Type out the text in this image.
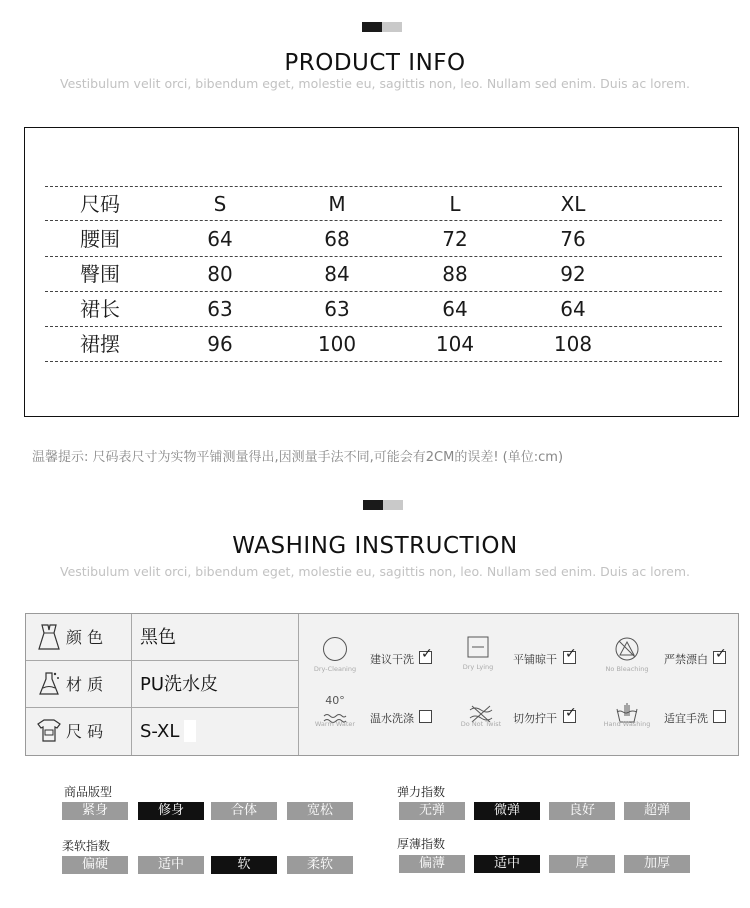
PRODUCT INFO
Vestibulum velit orci, bibendum eget, molestie eu, sagittis non, leo. Nullam sed enim. Duis ac lorem.
尺码	S	M	L	XL
腰围	64	68	72	76
臀围	80	84	88	92
裙长	63	63	64	64
裙摆	96	100	104	108
温馨提示: 尺码表尺寸为实物平铺测量得出,因测量手法不同,可能会有2CM的误差! (单位:cm)
WASHING INSTRUCTION
Vestibulum velit orci, bibendum eget, molestie eu, sagittis non, leo. Nullam sed enim. Duis ac lorem.
颜 色 黑色
材 质 PU洗水皮
尺 码 S-XL
Dry-Cleaning
建议干洗 ✓
Dry Lying
平铺晾干 ✓
No Bleaching
严禁漂白 ✓
40°
Warm Water	温水洗涤	Do Not Twist	切勿拧干 ✓
Hand Washing 适宜手洗
商品版型
紧身	修身	合体	宽松
弹力指数
无弹	微弹	良好	超弹
柔软指数
偏硬	适中	软	柔软
厚薄指数
偏薄	适中	厚	加厚
